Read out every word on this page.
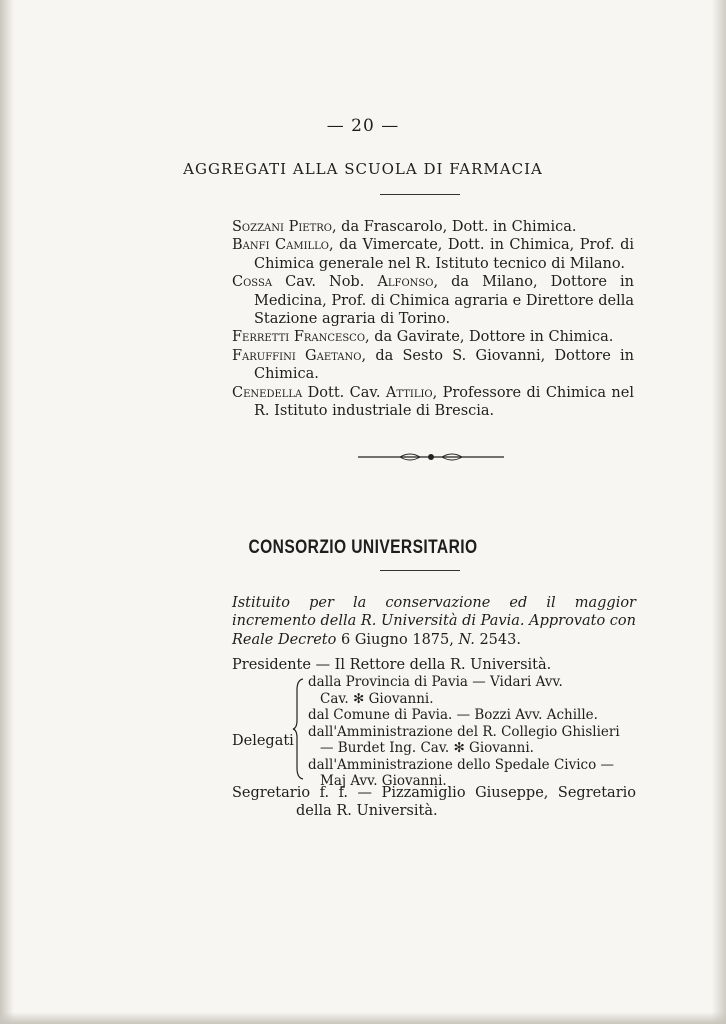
— 20 —
AGGREGATI ALLA SCUOLA DI FARMACIA

Sozzani Pietro, da Frascarolo, Dott. in Chimica.

Banfi Camillo, da Vimercate, Dott. in Chimica, Prof. di Chimica generale nel R. Istituto tecnico di Milano.

Cossa Cav. Nob. Alfonso, da Milano, Dottore in Medicina, Prof. di Chimica agraria e Direttore della Stazione agraria di Torino.

Ferretti Francesco, da Gavirate, Dottore in Chimica.

Faruffini Gaetano, da Sesto S. Giovanni, Dottore in Chimica.

Cenedella Dott. Cav. Attilio, Professore di Chimica nel R. Istituto industriale di Brescia.

CONSORZIO UNIVERSITARIO
Istituito per la conservazione ed il maggior incremento della R. Università di Pavia. Approvato con Reale Decreto 6 Giugno 1875, N. 2543.

Presidente — Il Rettore della R. Università.

Delegati
dalla Provincia di Pavia — Vidari Avv.
Cav. ✻ Giovanni.
dal Comune di Pavia. — Bozzi Avv. Achille.
dall'Amministrazione del R. Collegio Ghislieri
— Burdet Ing. Cav. ✻ Giovanni.
dall'Amministrazione dello Spedale Civico —
Maj Avv. Giovanni.

Segretario f. f. — Pizzamiglio Giuseppe, Segretario della R. Università.
